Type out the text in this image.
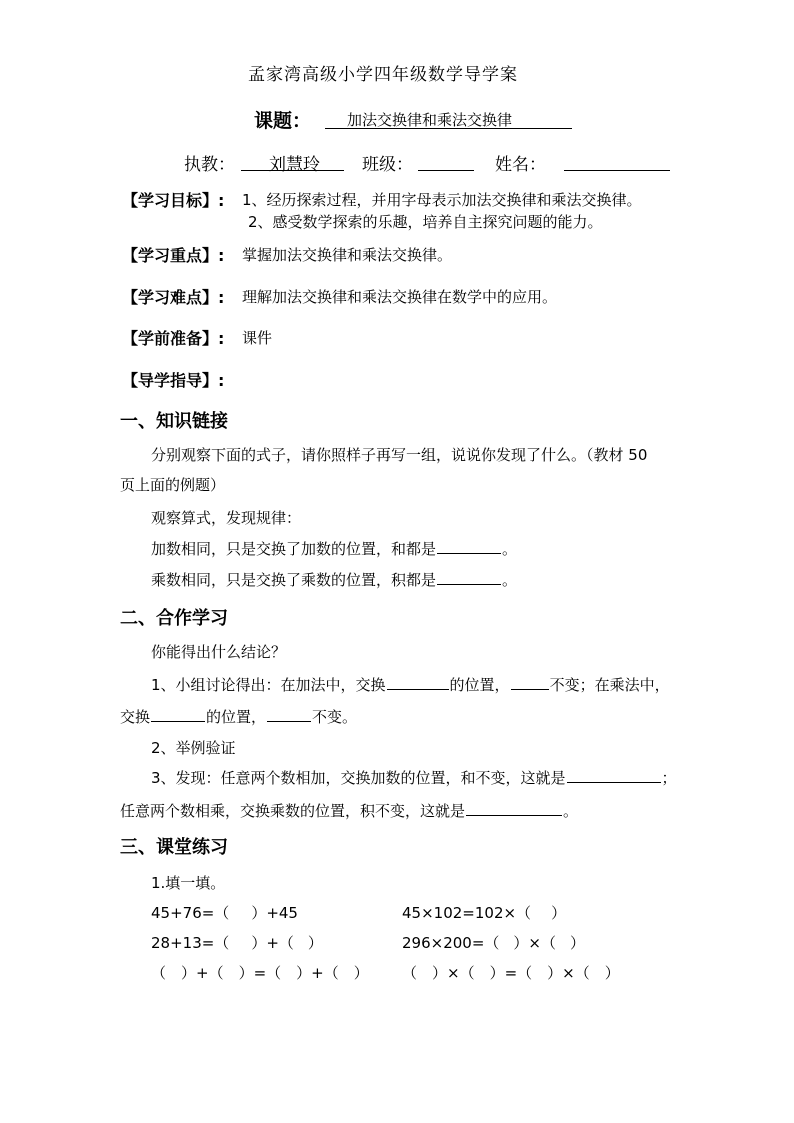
孟家湾高级小学四年级数学导学案
课题： 加法交换律和乘法交换律
执教： 刘慧玲 班级：	姓名：
【学习目标】: 1、经历探索过程，并用字母表示加法交换律和乘法交换律。
2、感受数学探索的乐趣，培养自主探究问题的能力。
【学习重点】: 掌握加法交换律和乘法交换律。
【学习难点】: 理解加法交换律和乘法交换律在数学中的应用。
【学前准备】: 课件
【导学指导】:
一、知识链接
分别观察下面的式子，请你照样子再写一组，说说你发现了什么。（教材 50
页上面的例题）
观察算式，发现规律：
加数相同，只是交换了加数的位置，和都是	。
乘数相同，只是交换了乘数的位置，积都是	。
二、合作学习
你能得出什么结论？
1、小组讨论得出：在加法中，交换	的位置，	不变；在乘法中，
交换	的位置，	不变。
2、举例验证
3、发现：任意两个数相加，交换加数的位置，和不变，这就是	；
任意两个数相乘，交换乘数的位置，积不变，这就是	。
三、课堂练习
1.填一填。
45+76=（ ）+45	45×102=102×（ ）
28+13=（ ）+（ ）	296×200=（ ）×（ ）
（　）+（　）=（　）+（　） （　）×（　）=（　）×（　）
